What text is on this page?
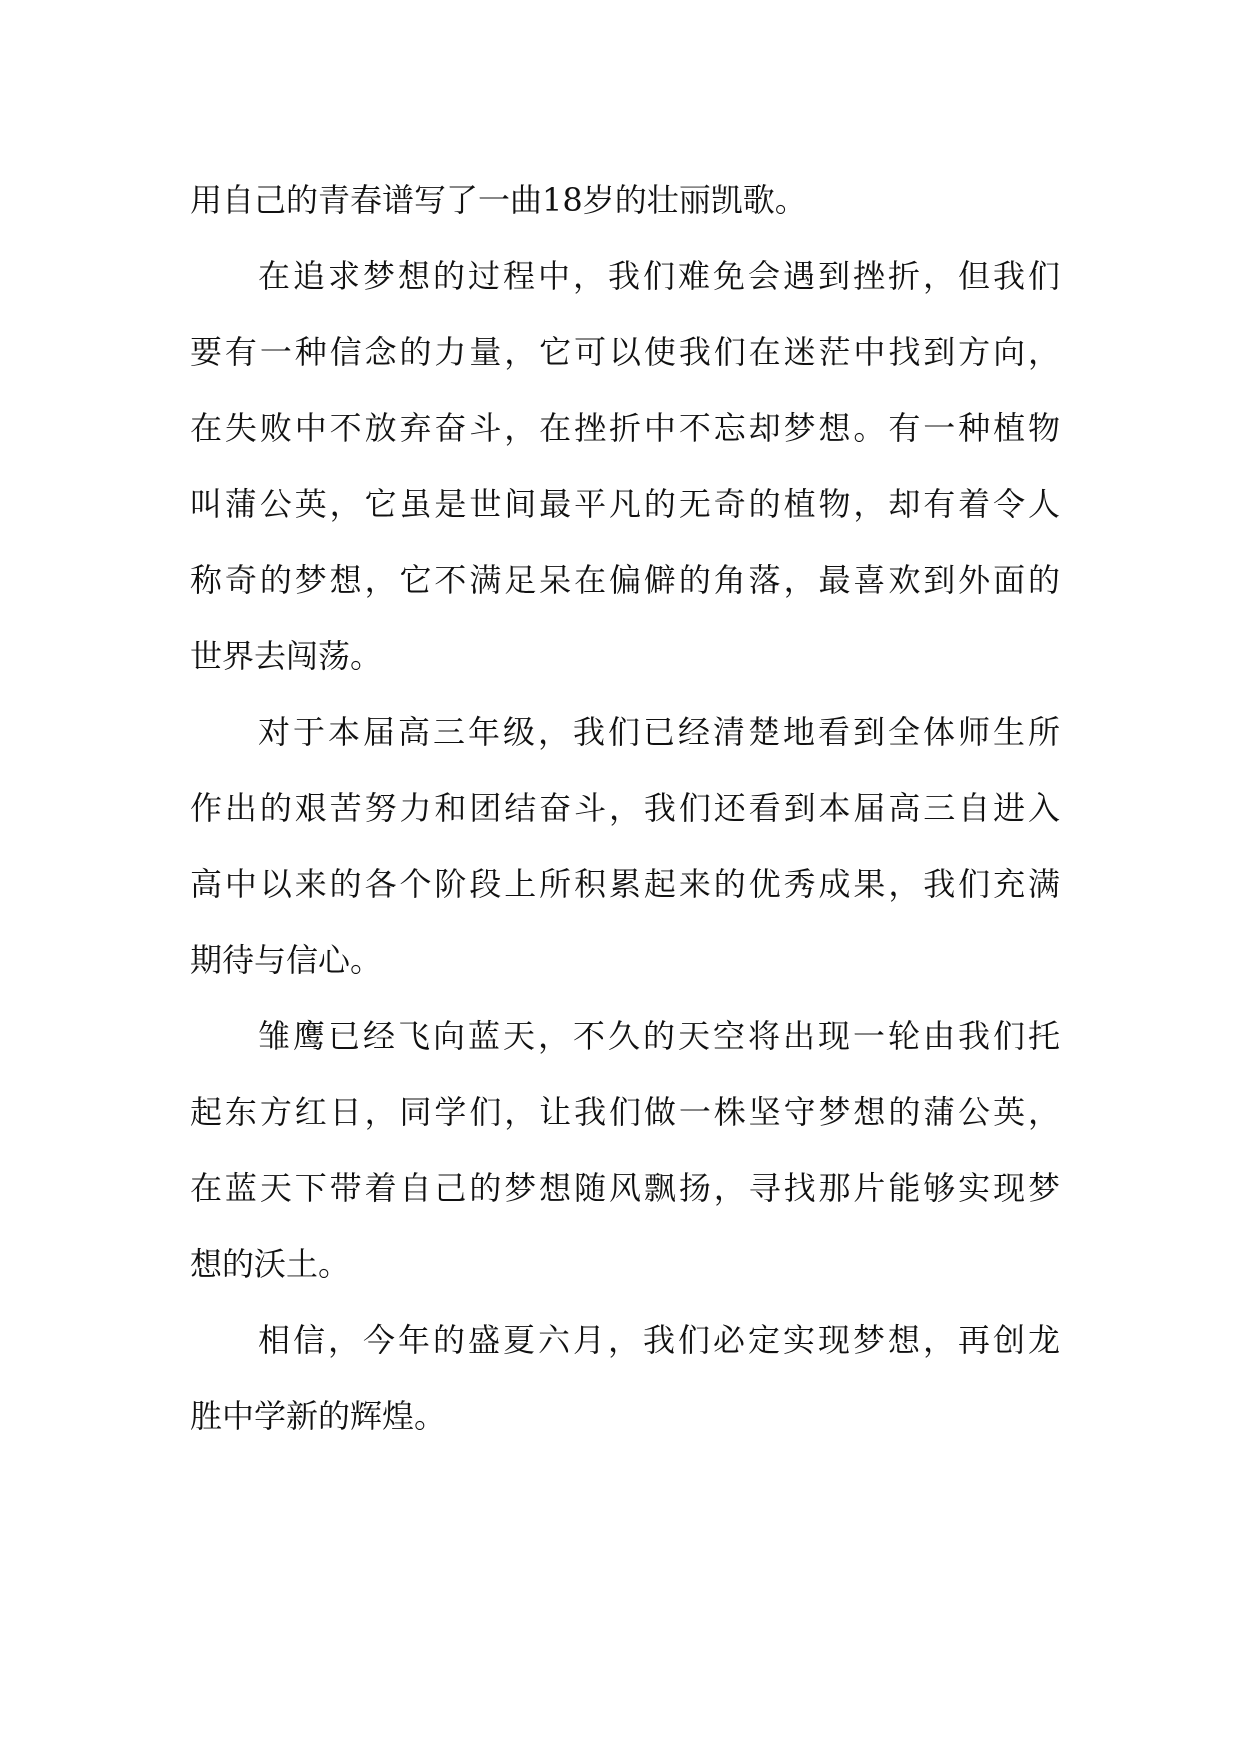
用自己的青春谱写了一曲18岁的壮丽凯歌。
在追求梦想的过程中，我们难免会遇到挫折，但我们
要有一种信念的力量，它可以使我们在迷茫中找到方向，
在失败中不放弃奋斗，在挫折中不忘却梦想。有一种植物
叫蒲公英，它虽是世间最平凡的无奇的植物，却有着令人
称奇的梦想，它不满足呆在偏僻的角落，最喜欢到外面的
世界去闯荡。
对于本届高三年级，我们已经清楚地看到全体师生所
作出的艰苦努力和团结奋斗，我们还看到本届高三自进入
高中以来的各个阶段上所积累起来的优秀成果，我们充满
期待与信心。
雏鹰已经飞向蓝天，不久的天空将出现一轮由我们托
起东方红日，同学们，让我们做一株坚守梦想的蒲公英，
在蓝天下带着自己的梦想随风飘扬，寻找那片能够实现梦
想的沃土。
相信，今年的盛夏六月，我们必定实现梦想，再创龙
胜中学新的辉煌。
